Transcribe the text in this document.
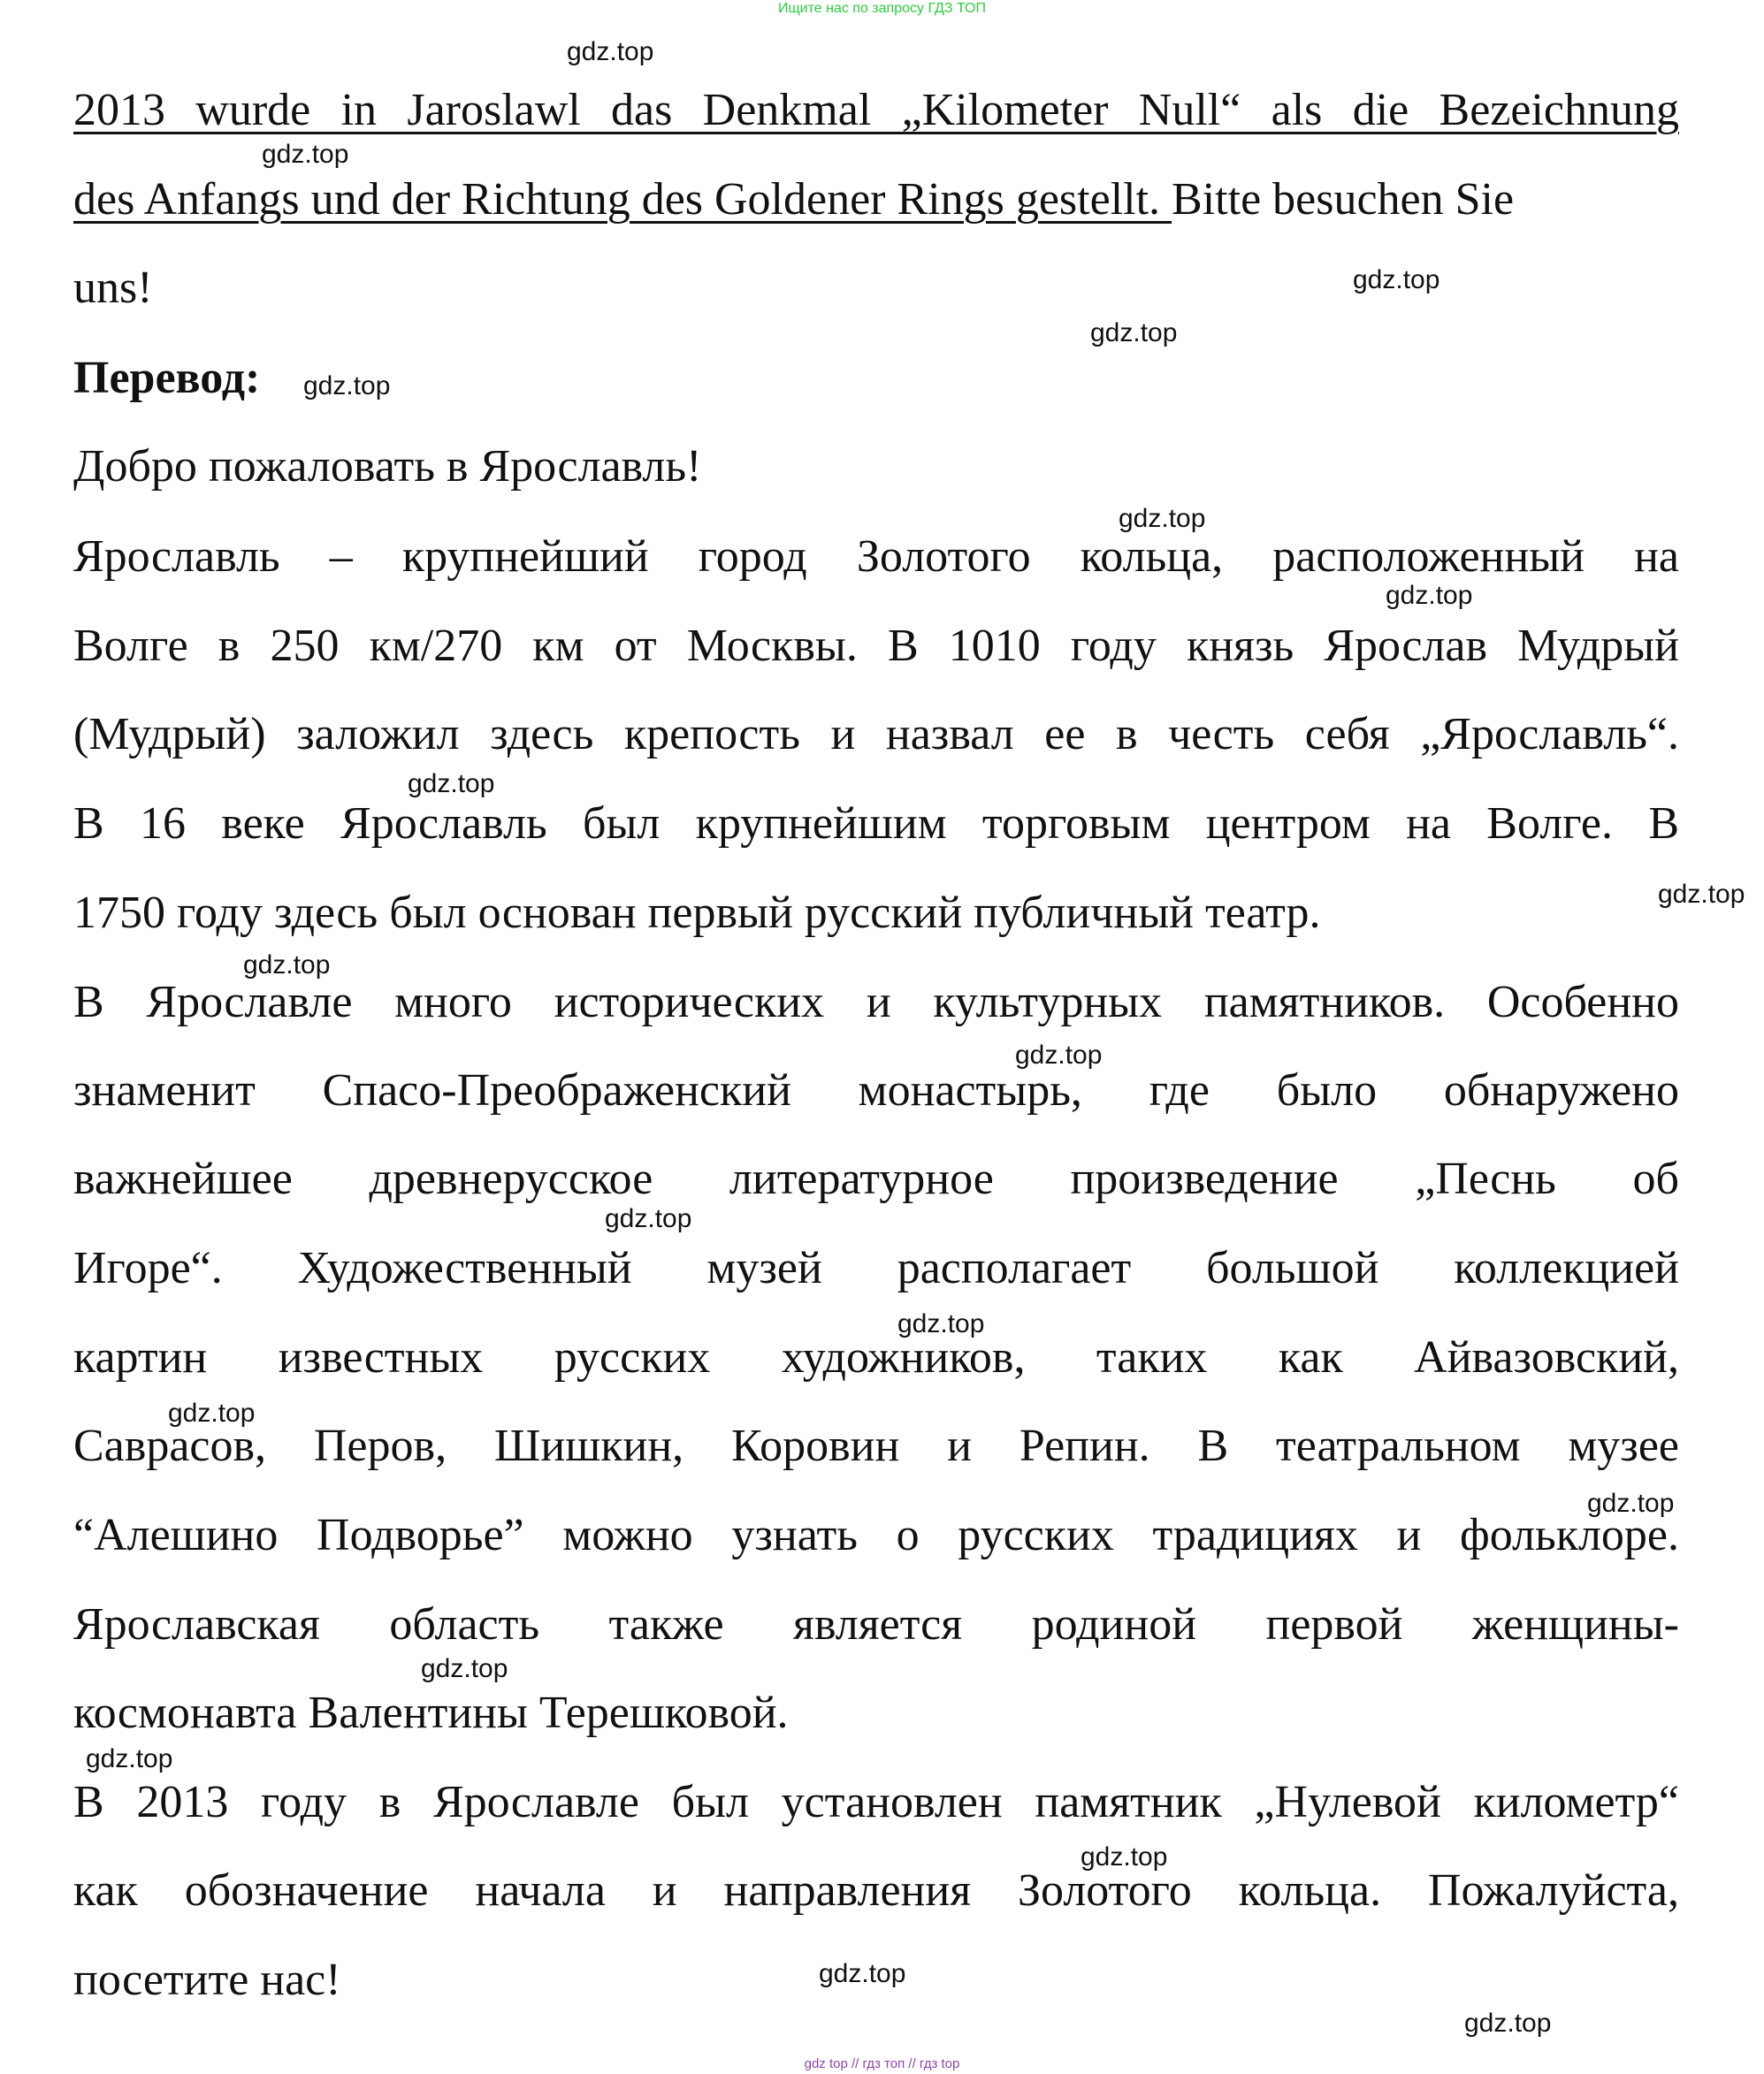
Ищите нас по запросу ГДЗ ТОП
2013 wurde in Jaroslawl das Denkmal „Kilometer Null“ als die Bezeichnung
des Anfangs und der Richtung des Goldener Rings gestellt. Bitte besuchen Sie
uns!
Перевод:
Добро пожаловать в Ярославль!
Ярославль – крупнейший город Золотого кольца, расположенный на
Волге в 250 км/270 км от Москвы. В 1010 году князь Ярослав Мудрый
(Мудрый) заложил здесь крепость и назвал ее в честь себя „Ярославль“.
В 16 веке Ярославль был крупнейшим торговым центром на Волге. В
1750 году здесь был основан первый русский публичный театр.
В Ярославле много исторических и культурных памятников. Особенно
знаменит Спасо-Преображенский монастырь, где было обнаружено
важнейшее древнерусское литературное произведение „Песнь об
Игоре“. Художественный музей располагает большой коллекцией
картин известных русских художников, таких как Айвазовский,
Саврасов, Перов, Шишкин, Коровин и Репин. В театральном музее
“Алешино Подворье” можно узнать о русских традициях и фольклоре.
Ярославская область также является родиной первой женщины-
космонавта Валентины Терешковой.
В 2013 году в Ярославле был установлен памятник „Нулевой километр“
как обозначение начала и направления Золотого кольца. Пожалуйста,
посетите нас!
gdz.top
gdz.top
gdz.top
gdz.top
gdz.top
gdz.top
gdz.top
gdz.top
gdz.top
gdz.top
gdz.top
gdz.top
gdz.top
gdz.top
gdz.top
gdz.top
gdz.top
gdz.top
gdz.top
gdz.top
gdz top // гдз топ // гдз top
